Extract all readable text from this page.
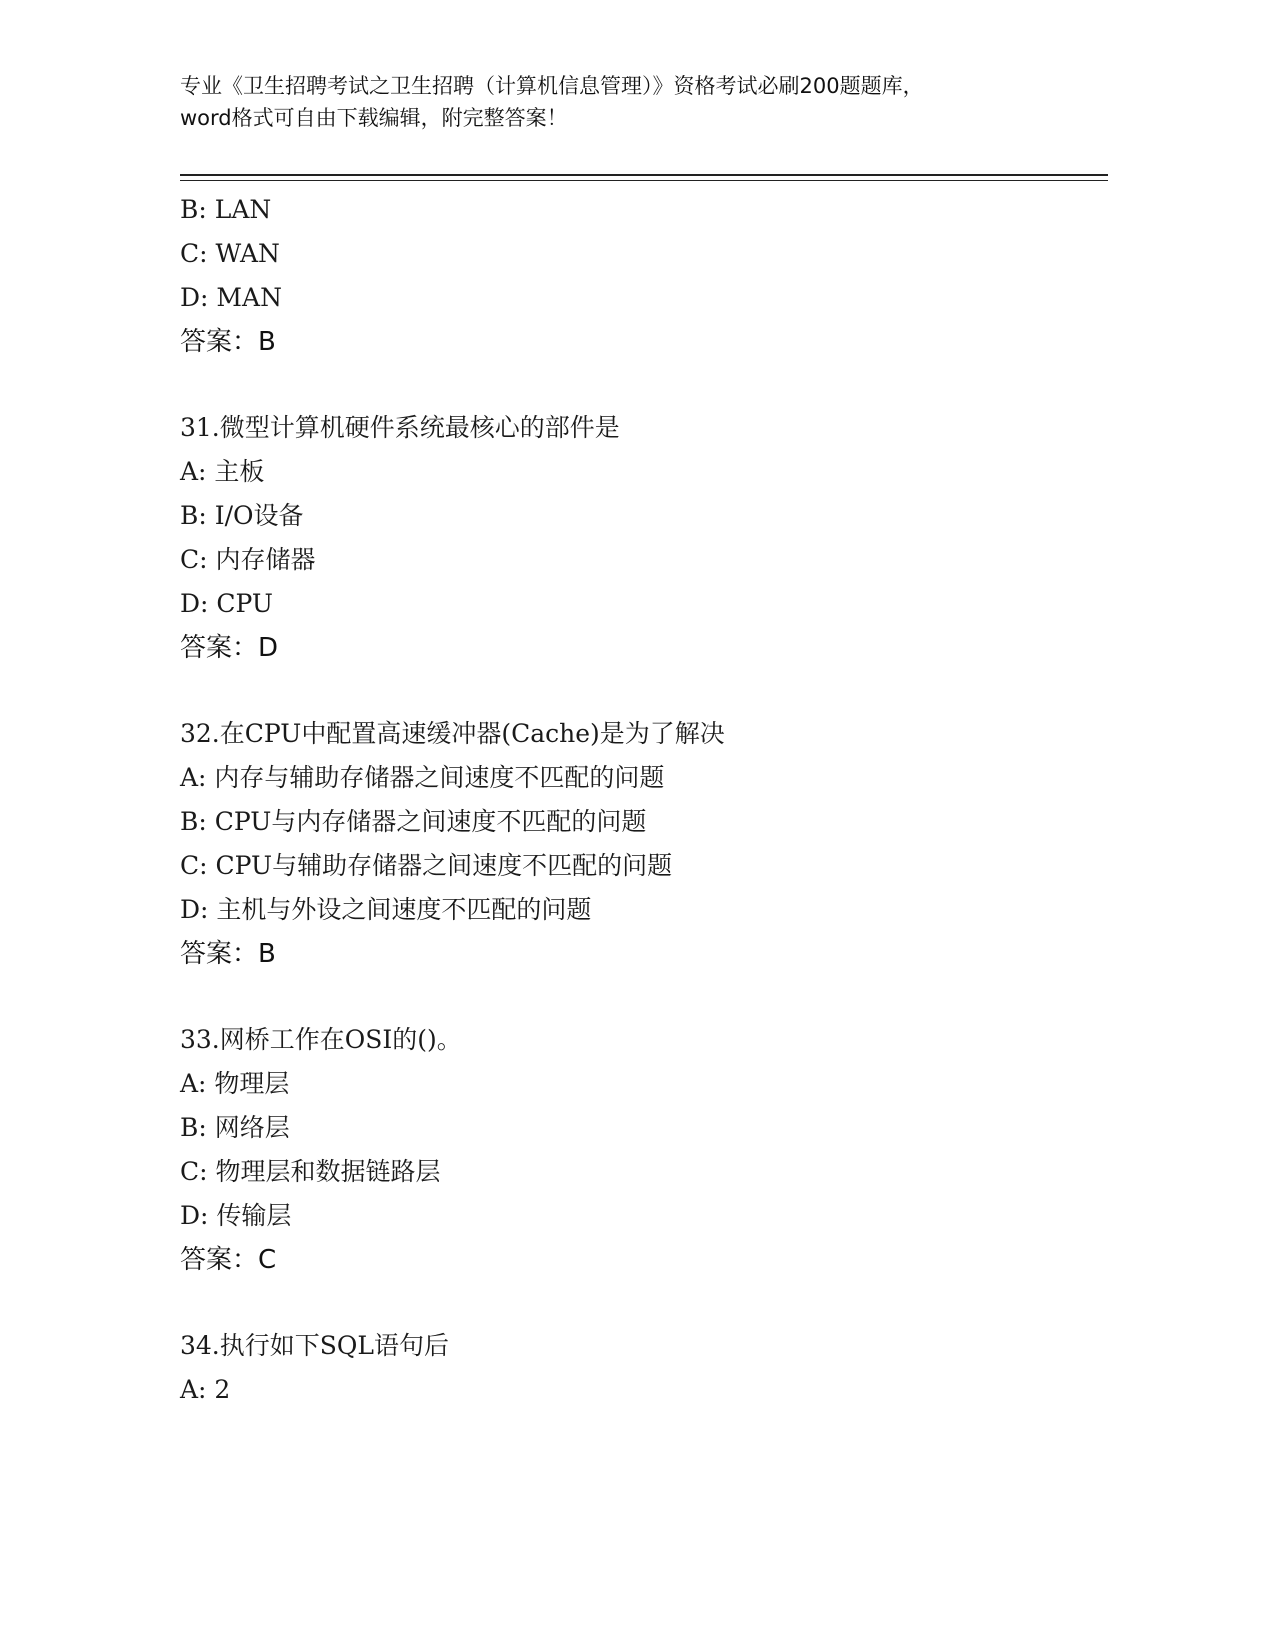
专业《卫生招聘考试之卫生招聘（计算机信息管理）》资格考试必刷200题题库，
word格式可自由下载编辑，附完整答案！
B: LAN
C: WAN
D: MAN
答案：B
31.微型计算机硬件系统最核心的部件是
A: 主板
B: I/O设备
C: 内存储器
D: CPU
答案：D
32.在CPU中配置高速缓冲器(Cache)是为了解决
A: 内存与辅助存储器之间速度不匹配的问题
B: CPU与内存储器之间速度不匹配的问题
C: CPU与辅助存储器之间速度不匹配的问题
D: 主机与外设之间速度不匹配的问题
答案：B
33.网桥工作在OSI的()。
A: 物理层
B: 网络层
C: 物理层和数据链路层
D: 传输层
答案：C
34.执行如下SQL语句后
A: 2
